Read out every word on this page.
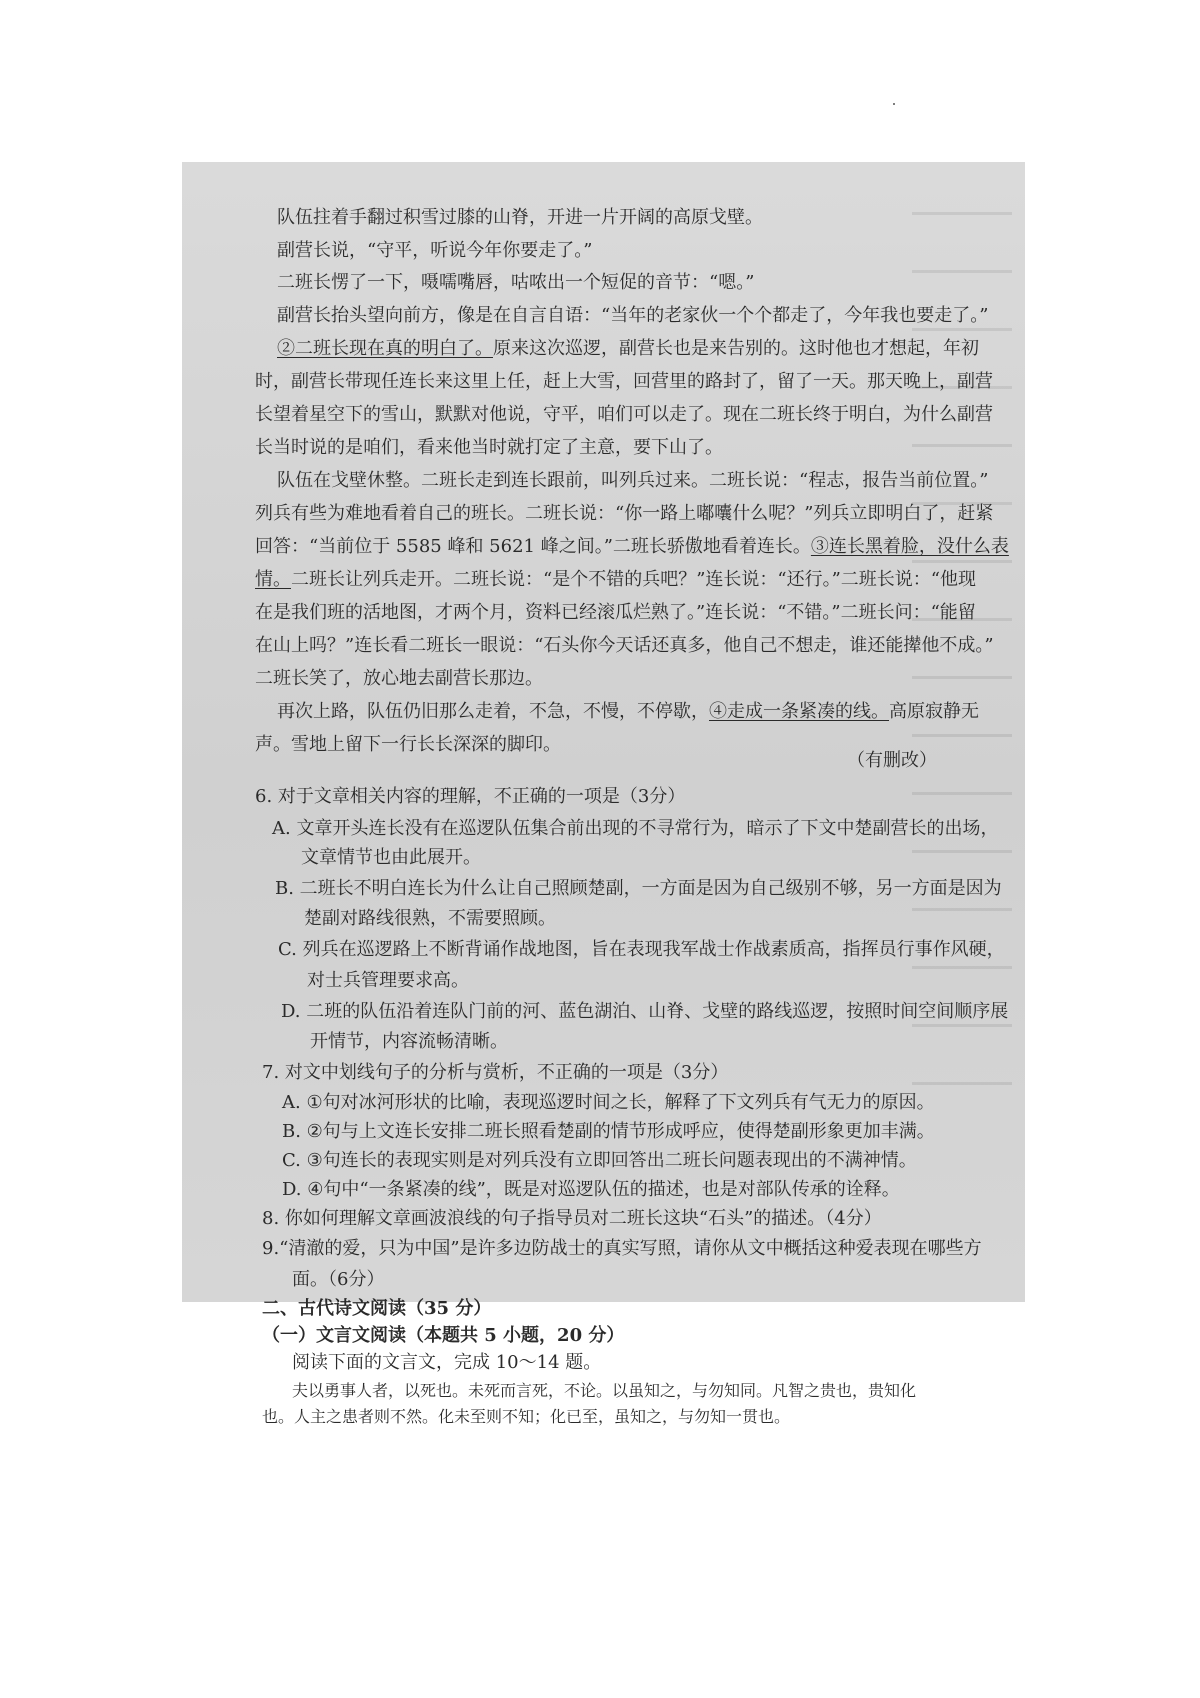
队伍拄着手翻过积雪过膝的山脊，开进一片开阔的高原戈壁。
副营长说，“守平，听说今年你要走了。”
二班长愣了一下，嗫嚅嘴唇，咕哝出一个短促的音节：“嗯。”
副营长抬头望向前方，像是在自言自语：“当年的老家伙一个个都走了，今年我也要走了。”
②二班长现在真的明白了。原来这次巡逻，副营长也是来告别的。这时他也才想起，年初
时，副营长带现任连长来这里上任，赶上大雪，回营里的路封了，留了一天。那天晚上，副营
长望着星空下的雪山，默默对他说，守平，咱们可以走了。现在二班长终于明白，为什么副营
长当时说的是咱们，看来他当时就打定了主意，要下山了。
队伍在戈壁休整。二班长走到连长跟前，叫列兵过来。二班长说：“程志，报告当前位置。”
列兵有些为难地看着自己的班长。二班长说：“你一路上嘟囔什么呢？”列兵立即明白了，赶紧
回答：“当前位于 5585 峰和 5621 峰之间。”二班长骄傲地看着连长。③连长黑着脸，没什么表
情。二班长让列兵走开。二班长说：“是个不错的兵吧？”连长说：“还行。”二班长说：“他现
在是我们班的活地图，才两个月，资料已经滚瓜烂熟了。”连长说：“不错。”二班长问：“能留
在山上吗？”连长看二班长一眼说：“石头你今天话还真多，他自己不想走，谁还能撵他不成。”
二班长笑了，放心地去副营长那边。
再次上路，队伍仍旧那么走着，不急，不慢，不停歇，④走成一条紧凑的线。高原寂静无
声。雪地上留下一行长长深深的脚印。
（有删改）
6. 对于文章相关内容的理解，不正确的一项是（3分）
A. 文章开头连长没有在巡逻队伍集合前出现的不寻常行为，暗示了下文中楚副营长的出场，
文章情节也由此展开。
B. 二班长不明白连长为什么让自己照顾楚副，一方面是因为自己级别不够，另一方面是因为
楚副对路线很熟，不需要照顾。
C. 列兵在巡逻路上不断背诵作战地图，旨在表现我军战士作战素质高，指挥员行事作风硬，
对士兵管理要求高。
D. 二班的队伍沿着连队门前的河、蓝色湖泊、山脊、戈壁的路线巡逻，按照时间空间顺序展
开情节，内容流畅清晰。
7. 对文中划线句子的分析与赏析，不正确的一项是（3分）
A. ①句对冰河形状的比喻，表现巡逻时间之长，解释了下文列兵有气无力的原因。
B. ②句与上文连长安排二班长照看楚副的情节形成呼应，使得楚副形象更加丰满。
C. ③句连长的表现实则是对列兵没有立即回答出二班长问题表现出的不满神情。
D. ④句中“一条紧凑的线”，既是对巡逻队伍的描述，也是对部队传承的诠释。
8. 你如何理解文章画波浪线的句子指导员对二班长这块“石头”的描述。（4分）
9.“清澈的爱，只为中国”是许多边防战士的真实写照，请你从文中概括这种爱表现在哪些方
面。（6分）
二、古代诗文阅读（35 分）
（一）文言文阅读（本题共 5 小题，20 分）
阅读下面的文言文，完成 10～14 题。
夫以勇事人者，以死也。未死而言死，不论。以虽知之，与勿知同。凡智之贵也，贵知化
也。人主之患者则不然。化未至则不知；化已至，虽知之，与勿知一贯也。
